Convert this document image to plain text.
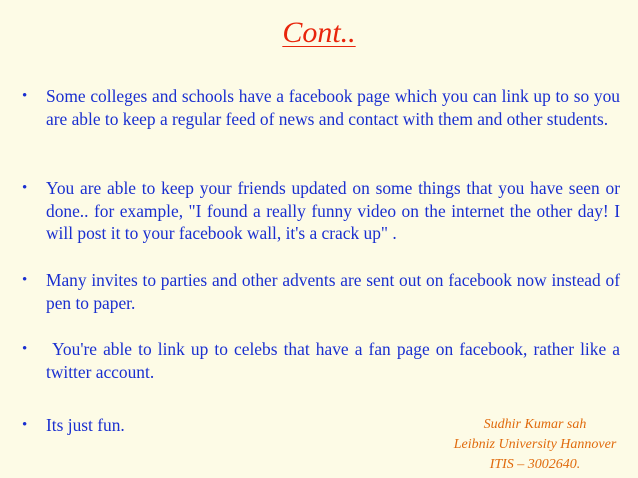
Cont..
•	Some colleges and schools have a facebook page which you can link up to so you are able to keep a regular feed of news and contact with them and other students.
•	You are able to keep your friends updated on some things that you have seen or done.. for example, "I found a really funny video on the internet the other day! I will post it to your facebook wall, it's a crack up" .
•	Many invites to parties and other advents are sent out on facebook now instead of pen to paper.
•	You're able to link up to celebs that have a fan page on facebook, rather like a twitter account.
•	Its just fun.	Sudhir Kumar sah
Leibniz University Hannover
ITIS – 3002640.
